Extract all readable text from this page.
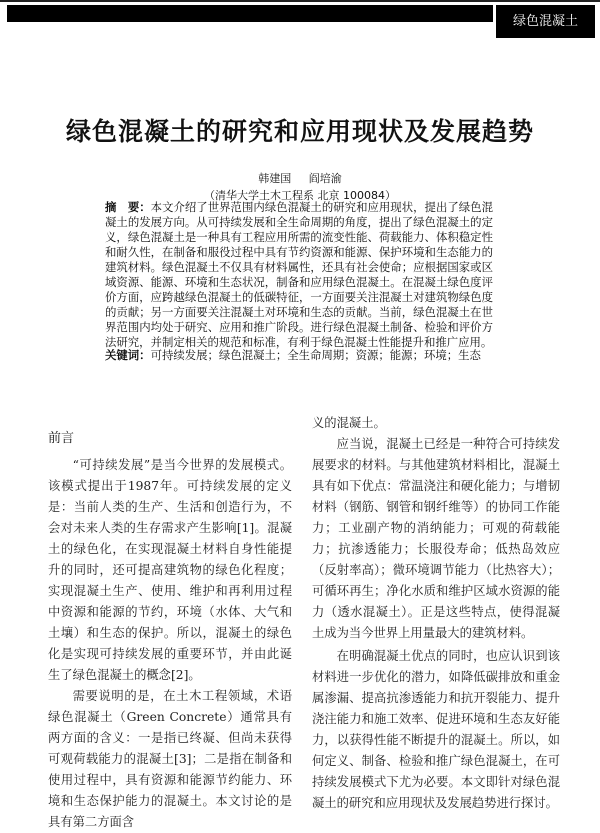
绿色混凝土
绿色混凝土的研究和应用现状及发展趋势
韩建国 阎培渝
（清华大学土木工程系 北京 100084）
摘　要：本文介绍了世界范围内绿色混凝土的研究和应用现状，提出了绿色混凝土的发展方向。从可持续发展和全生命周期的角度，提出了绿色混凝土的定义，绿色混凝土是一种具有工程应用所需的流变性能、荷载能力、体积稳定性和耐久性，在制备和服役过程中具有节约资源和能源、保护环境和生态能力的建筑材料。绿色混凝土不仅具有材料属性，还具有社会使命；应根据国家或区域资源、能源、环境和生态状况，制备和应用绿色混凝土。在混凝土绿色度评价方面，应跨越绿色混凝土的低碳特征，一方面要关注混凝土对建筑物绿色度的贡献；另一方面要关注混凝土对环境和生态的贡献。当前，绿色混凝土在世界范围内均处于研究、应用和推广阶段。进行绿色混凝土制备、检验和评价方法研究，并制定相关的规范和标准，有利于绿色混凝土性能提升和推广应用。
关键词：可持续发展；绿色混凝土；全生命周期；资源；能源；环境；生态
前言

“可持续发展”是当今世界的发展模式。该模式提出于1987年。可持续发展的定义是：当前人类的生产、生活和创造行为，不会对未来人类的生存需求产生影响[1]。混凝土的绿色化，在实现混凝土材料自身性能提升的同时，还可提高建筑物的绿色化程度；实现混凝土生产、使用、维护和再利用过程中资源和能源的节约，环境（水体、大气和土壤）和生态的保护。所以，混凝土的绿色化是实现可持续发展的重要环节，并由此诞生了绿色混凝土的概念[2]。

需要说明的是，在土木工程领域，术语绿色混凝土（Green Concrete）通常具有两方面的含义：一是指已终凝、但尚未获得可观荷载能力的混凝土[3]；二是指在制备和使用过程中，具有资源和能源节约能力、环境和生态保护能力的混凝土。本文讨论的是具有第二方面含

义的混凝土。

应当说，混凝土已经是一种符合可持续发展要求的材料。与其他建筑材料相比，混凝土具有如下优点：常温浇注和硬化能力；与增韧材料（钢筋、钢管和钢纤维等）的协同工作能力；工业副产物的消纳能力；可观的荷载能力；抗渗透能力；长服役寿命；低热岛效应（反射率高）；微环境调节能力（比热容大）；可循环再生；净化水质和维护区域水资源的能力（透水混凝土）。正是这些特点，使得混凝土成为当今世界上用量最大的建筑材料。

在明确混凝土优点的同时，也应认识到该材料进一步优化的潜力，如降低碳排放和重金属渗漏、提高抗渗透能力和抗开裂能力、提升浇注能力和施工效率、促进环境和生态友好能力，以获得性能不断提升的混凝土。所以，如何定义、制备、检验和推广绿色混凝土，在可持续发展模式下尤为必要。本文即针对绿色混凝土的研究和应用现状及发展趋势进行探讨。
